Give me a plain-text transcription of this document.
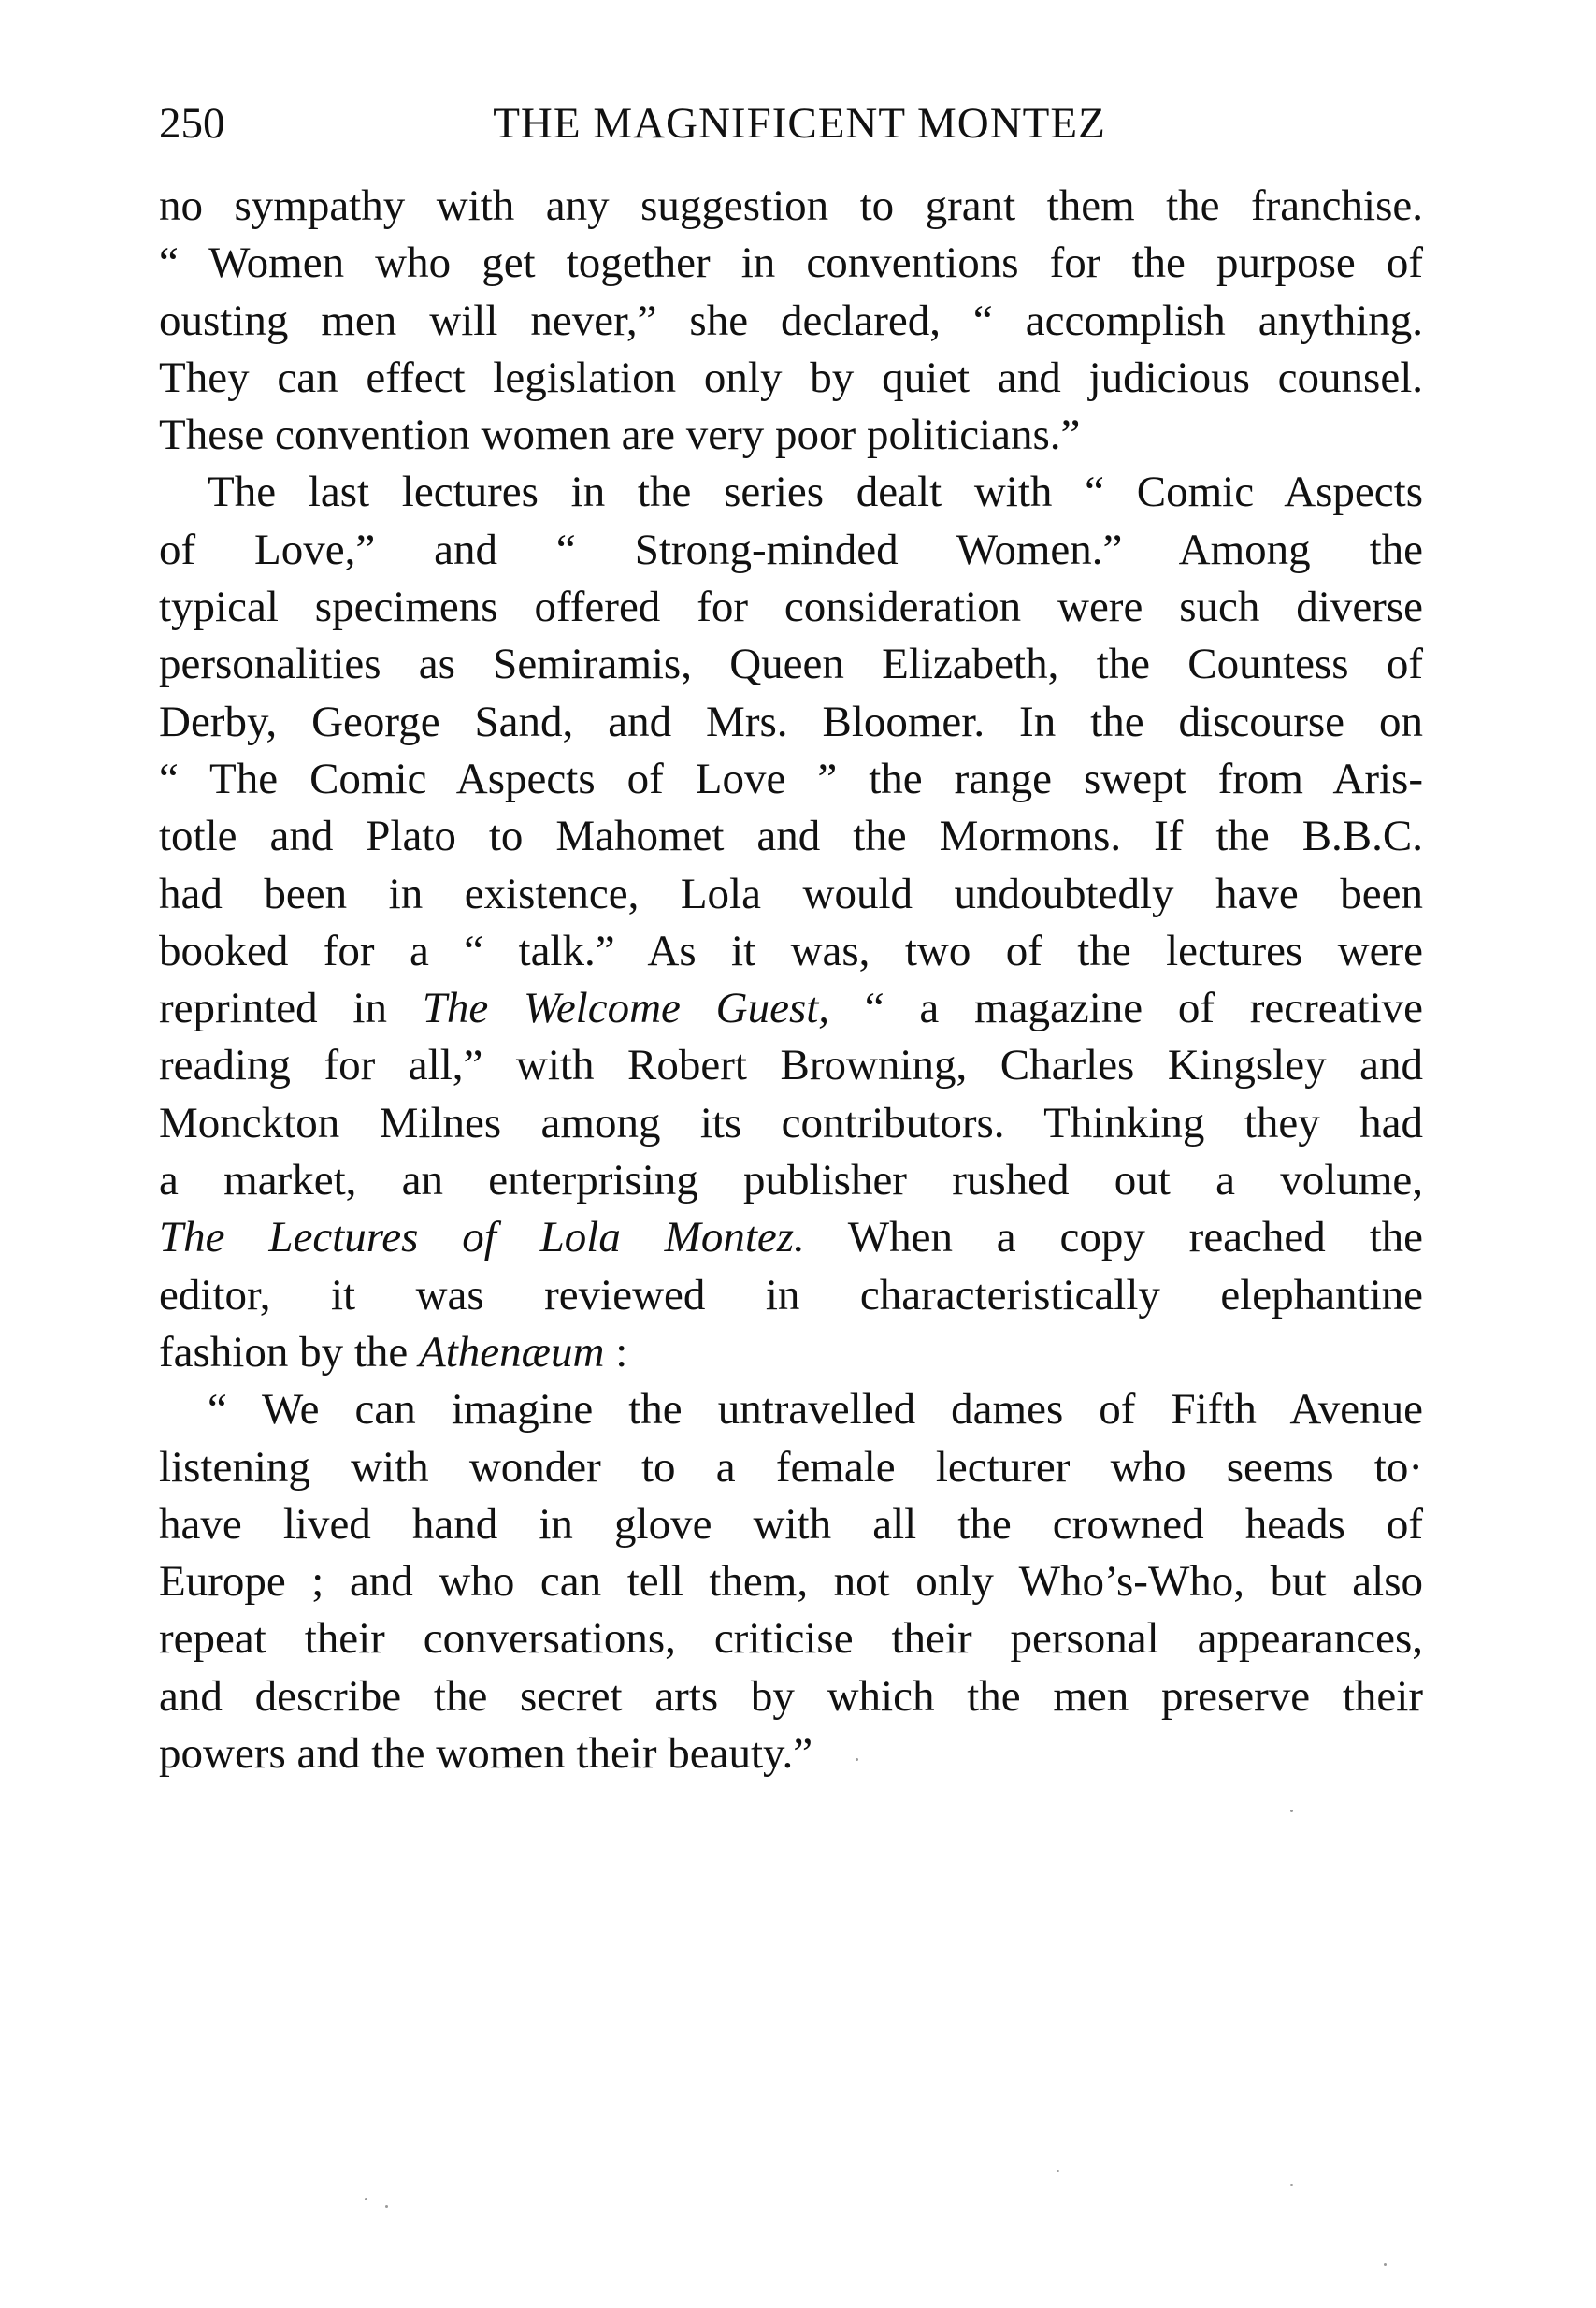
250	THE MAGNIFICENT MONTEZ
no sympathy with any suggestion to grant them the franchise.
“ Women who get together in conventions for the purpose of
ousting men will never,” she declared, “ accomplish anything.
They can effect legislation only by quiet and judicious counsel.
These convention women are very poor politicians.”
The last lectures in the series dealt with “ Comic Aspects
of Love,” and “ Strong-minded Women.” Among the
typical specimens offered for consideration were such diverse
personalities as Semiramis, Queen Elizabeth, the Countess of
Derby, George Sand, and Mrs. Bloomer. In the discourse on
“ The Comic Aspects of Love ” the range swept from Aris-
totle and Plato to Mahomet and the Mormons. If the B.B.C.
had been in existence, Lola would undoubtedly have been
booked for a “ talk.” As it was, two of the lectures were
reprinted in The Welcome Guest, “ a magazine of recreative
reading for all,” with Robert Browning, Charles Kingsley and
Monckton Milnes among its contributors. Thinking they had
a market, an enterprising publisher rushed out a volume,
The Lectures of Lola Montez. When a copy reached the
editor, it was reviewed in characteristically elephantine
fashion by the Athenæum :
“ We can imagine the untravelled dames of Fifth Avenue
listening with wonder to a female lecturer who seems to·
have lived hand in glove with all the crowned heads of
Europe ; and who can tell them, not only Who’s-Who, but also
repeat their conversations, criticise their personal appearances,
and describe the secret arts by which the men preserve their
powers and the women their beauty.”
